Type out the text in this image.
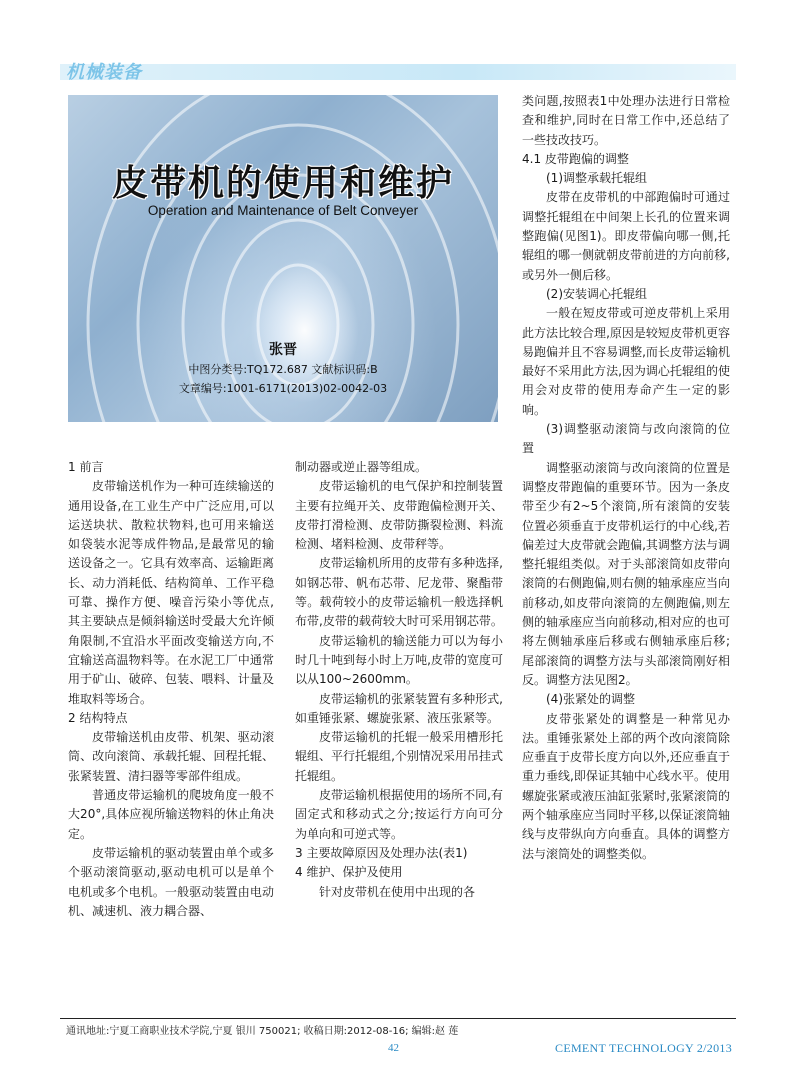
机械装备
皮带机的使用和维护
Operation and Maintenance of Belt Conveyer
张晋
中图分类号:TQ172.687 文献标识码:B
文章编号:1001-6171(2013)02-0042-03

1 前言

皮带输送机作为一种可连续输送的通用设备,在工业生产中广泛应用,可以运送块状、散粒状物料,也可用来输送如袋装水泥等成件物品,是最常见的输送设备之一。它具有效率高、运输距离长、动力消耗低、结构简单、工作平稳可靠、操作方便、噪音污染小等优点,其主要缺点是倾斜输送时受最大允许倾角限制,不宜沿水平面改变输送方向,不宜输送高温物料等。在水泥工厂中通常用于矿山、破碎、包装、喂料、计量及堆取料等场合。

2 结构特点

皮带输送机由皮带、机架、驱动滚筒、改向滚筒、承载托辊、回程托辊、张紧装置、清扫器等零部件组成。

普通皮带运输机的爬坡角度一般不大20°,具体应视所输送物料的休止角决定。

皮带运输机的驱动装置由单个或多个驱动滚筒驱动,驱动电机可以是单个电机或多个电机。一般驱动装置由电动机、减速机、液力耦合器、

制动器或逆止器等组成。

皮带运输机的电气保护和控制装置主要有拉绳开关、皮带跑偏检测开关、皮带打滑检测、皮带防撕裂检测、料流检测、堵料检测、皮带秤等。

皮带运输机所用的皮带有多种选择,如钢芯带、帆布芯带、尼龙带、聚酯带等。载荷较小的皮带运输机一般选择帆布带,皮带的载荷较大时可采用钢芯带。

皮带运输机的输送能力可以为每小时几十吨到每小时上万吨,皮带的宽度可以从100~2600mm。

皮带运输机的张紧装置有多种形式,如重锤张紧、螺旋张紧、液压张紧等。

皮带运输机的托辊一般采用槽形托辊组、平行托辊组,个别情况采用吊挂式托辊组。

皮带运输机根据使用的场所不同,有固定式和移动式之分;按运行方向可分为单向和可逆式等。

3 主要故障原因及处理办法(表1)

4 维护、保护及使用

针对皮带机在使用中出现的各

类问题,按照表1中处理办法进行日常检查和维护,同时在日常工作中,还总结了一些技改技巧。

4.1 皮带跑偏的调整

(1)调整承载托辊组

皮带在皮带机的中部跑偏时可通过调整托辊组在中间架上长孔的位置来调整跑偏(见图1)。即皮带偏向哪一侧,托辊组的哪一侧就朝皮带前进的方向前移,或另外一侧后移。

(2)安装调心托辊组

一般在短皮带或可逆皮带机上采用此方法比较合理,原因是较短皮带机更容易跑偏并且不容易调整,而长皮带运输机最好不采用此方法,因为调心托辊组的使用会对皮带的使用寿命产生一定的影响。

(3)调整驱动滚筒与改向滚筒的位置

调整驱动滚筒与改向滚筒的位置是调整皮带跑偏的重要环节。因为一条皮带至少有2~5个滚筒,所有滚筒的安装位置必须垂直于皮带机运行的中心线,若偏差过大皮带就会跑偏,其调整方法与调整托辊组类似。对于头部滚筒如皮带向滚筒的右侧跑偏,则右侧的轴承座应当向前移动,如皮带向滚筒的左侧跑偏,则左侧的轴承座应当向前移动,相对应的也可将左侧轴承座后移或右侧轴承座后移;尾部滚筒的调整方法与头部滚筒刚好相反。调整方法见图2。

(4)张紧处的调整

皮带张紧处的调整是一种常见办法。重锤张紧处上部的两个改向滚筒除应垂直于皮带长度方向以外,还应垂直于重力垂线,即保证其轴中心线水平。使用螺旋张紧或液压油缸张紧时,张紧滚筒的两个轴承座应当同时平移,以保证滚筒轴线与皮带纵向方向垂直。具体的调整方法与滚筒处的调整类似。

通讯地址:宁夏工商职业技术学院,宁夏 银川 750021; 收稿日期:2012-08-16; 编辑:赵 莲
42	CEMENT TECHNOLOGY 2/2013
